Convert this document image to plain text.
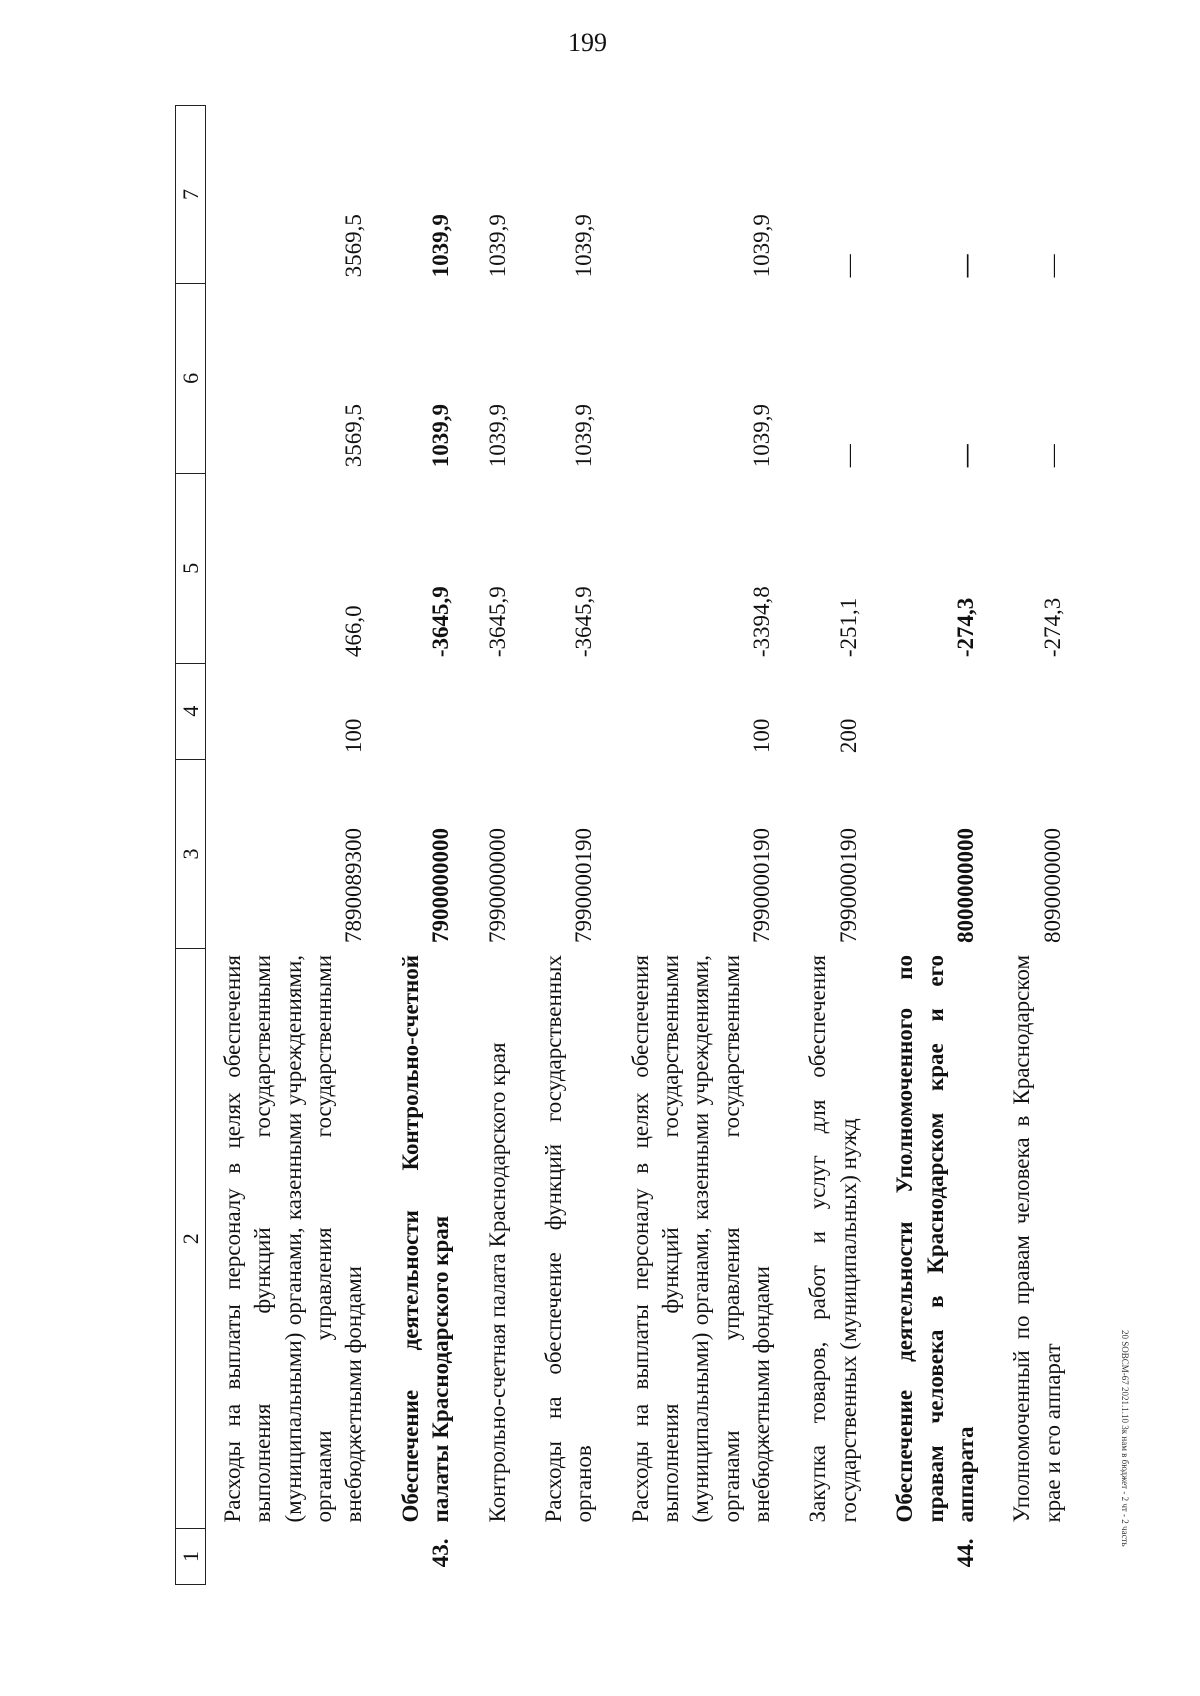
199
1	2	3	4	5	6	7
	Расходы на выплаты персоналу в целях обеспечения выполнения функций государственными (муниципальными) органами, казенными учреждениями, органами управления государственными внебюджетными фондами	7890089300	100	466,0	3569,5	3569,5
43.	Обеспечение деятельности Контрольно-счетной палаты Краснодарского края	7900000000		-3645,9	1039,9	1039,9
	Контрольно-счетная палата Краснодарского края	7990000000		-3645,9	1039,9	1039,9
	Расходы на обеспечение функций государственных органов	7990000190		-3645,9	1039,9	1039,9
	Расходы на выплаты персоналу в целях обеспечения выполнения функций государственными (муниципальными) органами, казенными учреждениями, органами управления государственными внебюджетными фондами	7990000190	100	-3394,8	1039,9	1039,9
	Закупка товаров, работ и услуг для обеспечения государственных (муниципальных) нужд	7990000190	200	-251,1	—	—
44.	Обеспечение деятельности Уполномоченного по правам человека в Краснодарском крае и его аппарата	8000000000		-274,3	—	—
	Уполномоченный по правам человека в Краснодарском крае и его аппарат	8090000000		-274,3	—	—
20 SOBCM-67 2021.1.10 3к нам в бюджет - 2 чт - 2 часть
